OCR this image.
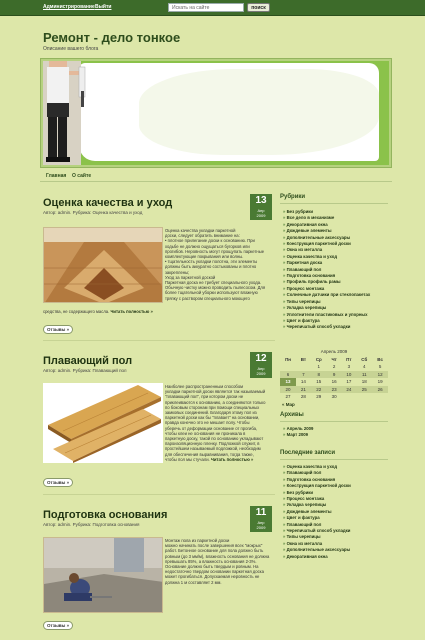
Администрирование Выйти	Искать на сайте	поиск
Ремонт - дело тонкое
Описание вашего блога
Главная О сайте
Оценка качества и уход
Автор: admin. Рубрика: Оценка качества и уход
13
Апр
2009
Оценка качества укладки паркетной
доски, следует обратить внимание на:
• плотное прилегание доски к основанию. При
ходьбе не должно ощущаться бугорков или
прогибов. Неровность могут прощупать паркетные
комплектующие покрывания или волны.
• тщательность укладки полотна, эти элементы
должны быть аккуратно состыкованы и плотно
закреплены;
Уход за паркетной доской
Паркетная доска не требует специального ухода.
Обычную чистку можно проводить пылесосом. Для
более тщательной уборки используют влажную
тряпку с раствором специального моющего
средства, не содержащего масла. Читать полностью »
Отзывы »
Плавающий пол
Автор: admin. Рубрика: Плавающий пол
12
Апр
2009
Наиболее распространенным способом
укладки паркетной доски является так называемый
"плавающий пол", при котором доски не
приклеиваются к основанию, а соединяются только
по боковым сторонам при помощи специальных
замковых соединений. Благодаря этому пол из
паркетной доски как бы "плавает" на основании,
правда конечно это не мешает полу. Чтобы
уберечь от деформации основание от прогиба,
чтобы клеи не основания не проникала в
паркетную доску, такой по основанию укладывают
пароизоляционную пленку. Подложкой служит, в
простейшем называемый подложкой, необходим
для обеспечения выравнивания, тогда также,
чтобы пол мы стучали. Читать полностью »
Отзывы »
Подготовка основания
Автор: admin. Рубрика: Подготовка основания
11
Апр
2009
Монтаж пола из паркетной доски
можно начинать после завершения всех "мокрых"
работ. Бетонное основание для пола должно быть
ровным (до 3 мм/м), влажность основания не должна
превышать 85%, а влажность основания 2-3%.
Основание должно быть твердым и ровным. На
недостаточно твердом основании паркетная доска
может прогибаться. Допускаемая неровность не
должна 1 м составляет 2 мм.
Отзывы »
Рубрики
» Без рубрики
» Все дело в механизме
» Декоративная окна
» Дождевые элементы
» Дополнительные аксессуары
» Конструкция паркетной доски
» Окна из металла
» Оценка качества и уход
» Паркетная доска
» Плавающий пол
» Подготовка основания
» Профиль профиль рамы
» Процесс монтажа
» Солнечные датчики при стеклопакетах
» Типы черепицы
» Укладка черепицы
» Уплотнители пластиковых и упорных
» Цвет и фактура
» Черепичатый способ укладки
Апрель 2009
Пн	Вт	Ср	Чт	Пт	Сб	Вс
		1	2	3	4	5
6	7	8	9	10	11	12
13	14	15	16	17	18	19
20	21	22	23	24	25	26
27	28	29	30			
« Мар
Архивы
» Апрель 2009
» Март 2009
Последние записи
» Оценка качества и уход
» Плавающий пол
» Подготовка основания
» Конструкция паркетной доски
» Без рубрики
» Процесс монтажа
» Укладка черепицы
» Дождевые элементы
» Цвет и фактура
» Плавающий пол
» Черепичатый способ укладки
» Типы черепицы
» Окна из металла
» Дополнительные аксессуары
» Декоративная окна
